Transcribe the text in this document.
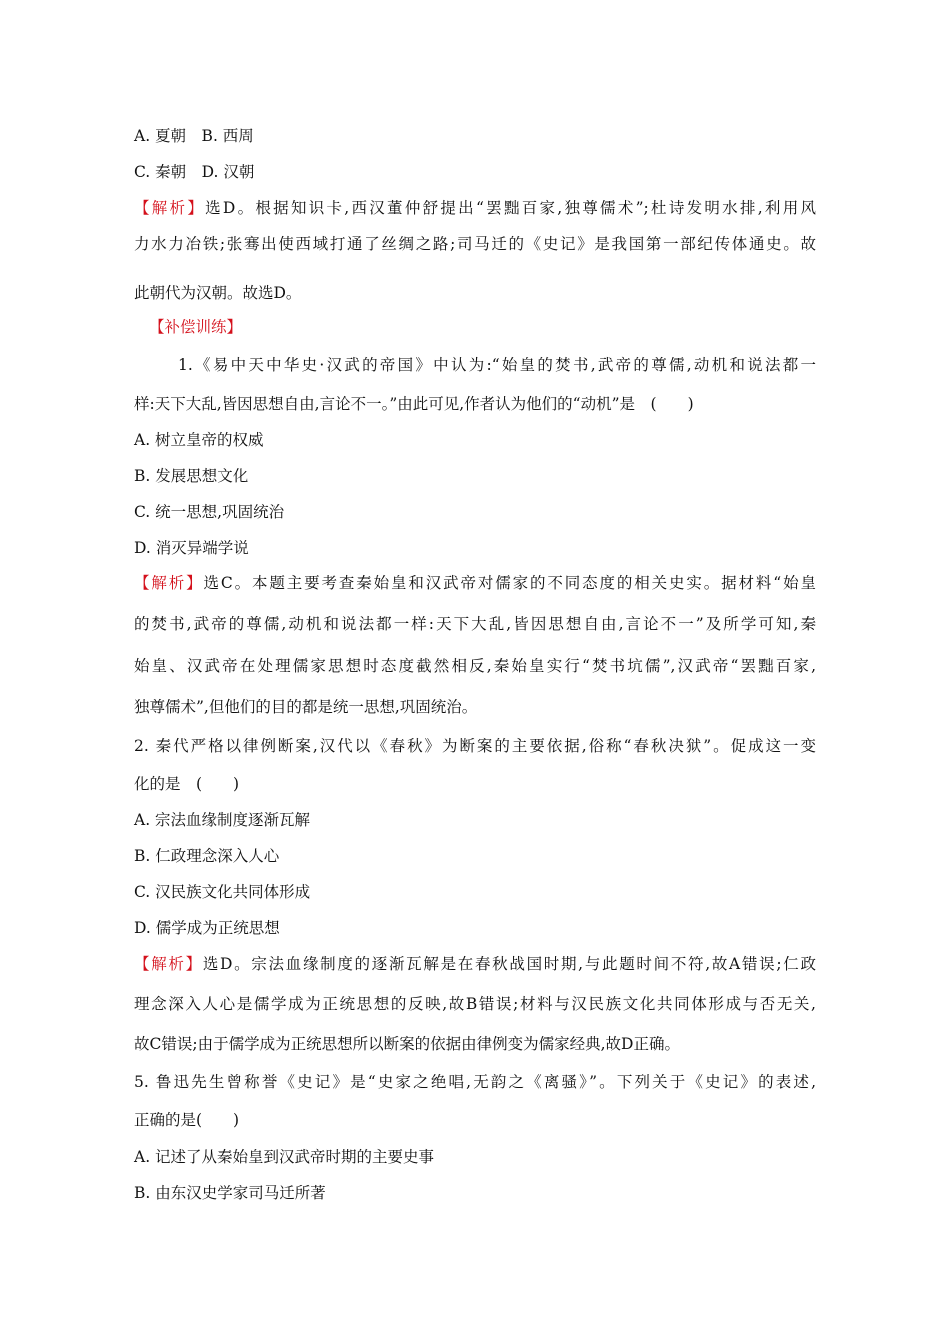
A. 夏朝　B. 西周
C. 秦朝　D. 汉朝
【解析】选D。根据知识卡,西汉董仲舒提出“罢黜百家,独尊儒术”;杜诗发明水排,利用风
力水力冶铁;张骞出使西域打通了丝绸之路;司马迁的《史记》是我国第一部纪传体通史。故
此朝代为汉朝。故选D。
【补偿训练】
1.《易中天中华史·汉武的帝国》中认为:“始皇的焚书,武帝的尊儒,动机和说法都一
样:天下大乱,皆因思想自由,言论不一。”由此可见,作者认为他们的“动机”是　(　　)
A. 树立皇帝的权威
B. 发展思想文化
C. 统一思想,巩固统治
D. 消灭异端学说
【解析】选C。本题主要考查秦始皇和汉武帝对儒家的不同态度的相关史实。据材料“始皇
的焚书,武帝的尊儒,动机和说法都一样:天下大乱,皆因思想自由,言论不一”及所学可知,秦
始皇、汉武帝在处理儒家思想时态度截然相反,秦始皇实行“焚书坑儒”,汉武帝“罢黜百家,
独尊儒术”,但他们的目的都是统一思想,巩固统治。
2. 秦代严格以律例断案,汉代以《春秋》为断案的主要依据,俗称“春秋决狱”。促成这一变
化的是　(　　)
A. 宗法血缘制度逐渐瓦解
B. 仁政理念深入人心
C. 汉民族文化共同体形成
D. 儒学成为正统思想
【解析】选D。宗法血缘制度的逐渐瓦解是在春秋战国时期,与此题时间不符,故A错误;仁政
理念深入人心是儒学成为正统思想的反映,故B错误;材料与汉民族文化共同体形成与否无关,
故C错误;由于儒学成为正统思想所以断案的依据由律例变为儒家经典,故D正确。
5. 鲁迅先生曾称誉《史记》是“史家之绝唱,无韵之《离骚》”。下列关于《史记》的表述,
正确的是(　　)
A. 记述了从秦始皇到汉武帝时期的主要史事
B. 由东汉史学家司马迁所著
